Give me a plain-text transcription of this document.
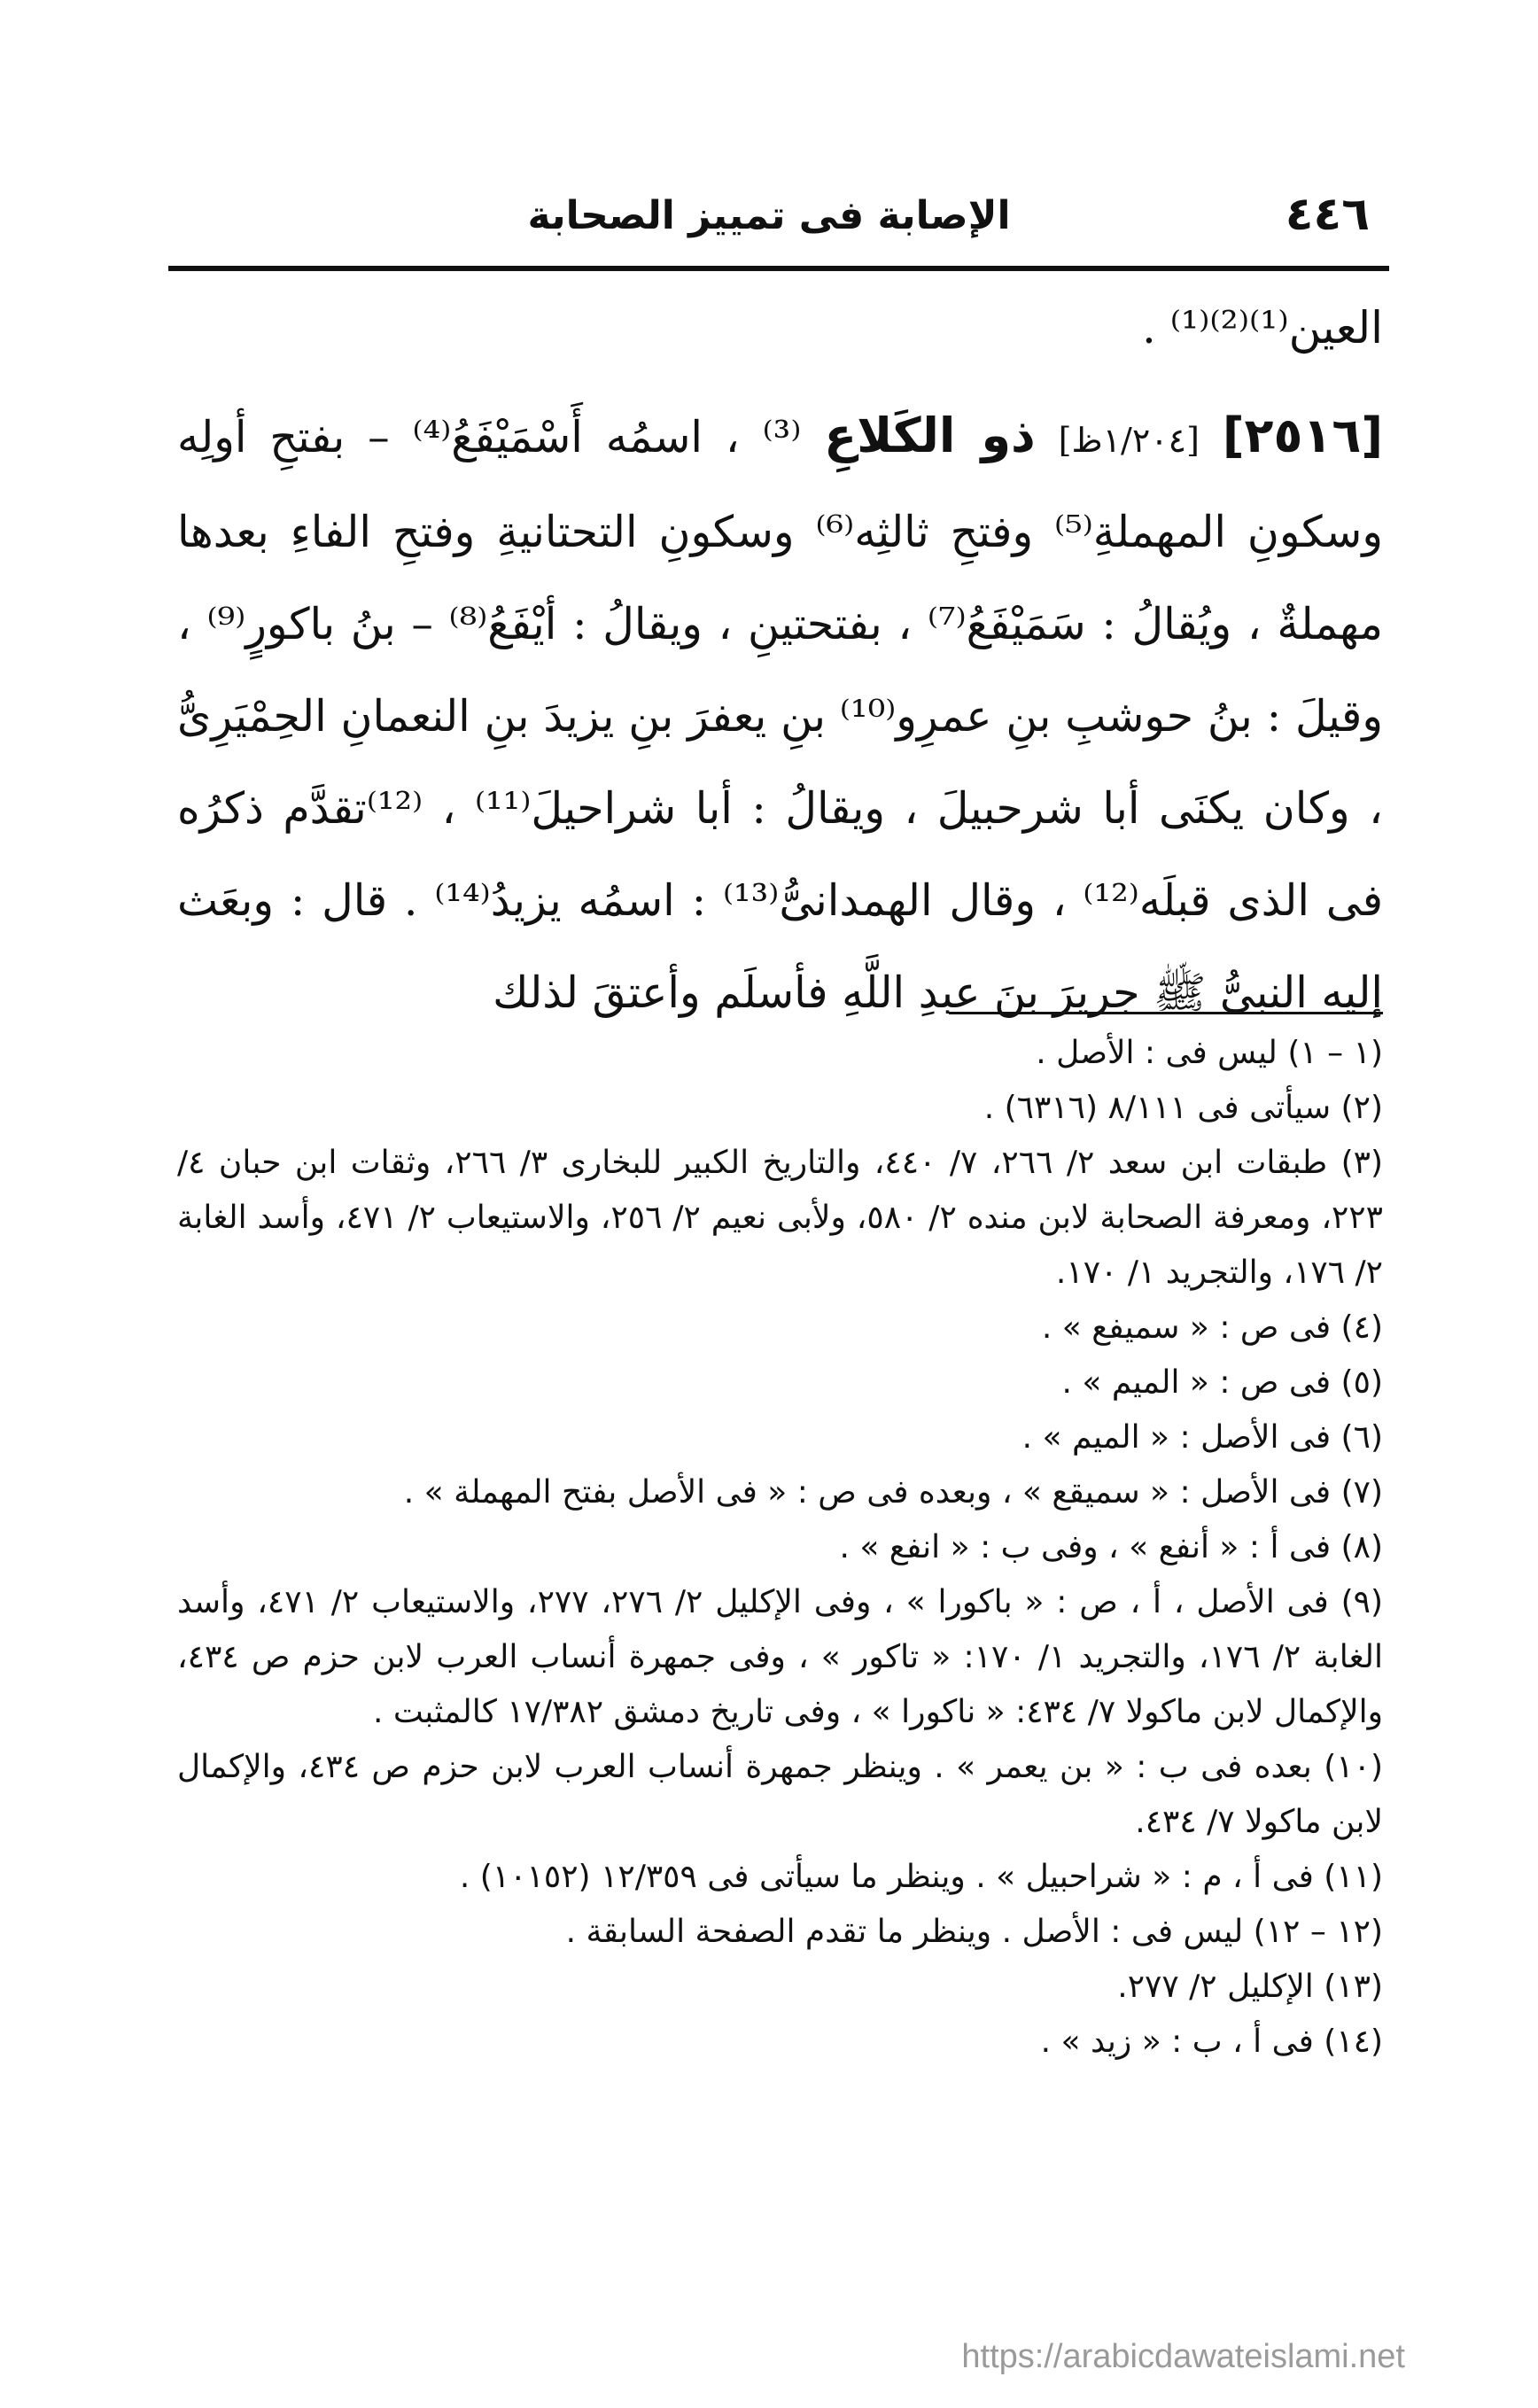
٤٤٦
الإصابة فى تمييز الصحابة
العين⁽¹⁾⁽²⁾⁽¹⁾ .
[٢٥١٦] [١/٢٠٤ظ] ذو الكَلاعِ ⁽³⁾ ، اسمُه أَسْمَيْفَعُ⁽⁴⁾ – بفتحِ أولِه وسكونِ المهملةِ⁽⁵⁾ وفتحِ ثالثِه⁽⁶⁾ وسكونِ التحتانيةِ وفتحِ الفاءِ بعدها مهملةٌ ، ويُقالُ : سَمَيْفَعُ⁽⁷⁾ ، بفتحتينِ ، ويقالُ : أيْفَعُ⁽⁸⁾ – بنُ باكورٍ⁽⁹⁾ ، وقيلَ : بنُ حوشبِ بنِ عمرِو⁽¹⁰⁾ بنِ يعفرَ بنِ يزيدَ بنِ النعمانِ الحِمْيَرِىُّ ، وكان يكنَى أبا شرحبيلَ ، ويقالُ : أبا شراحيلَ⁽¹¹⁾ ، ⁽¹²⁾تقدَّم ذكرُه فى الذى قبلَه⁽¹²⁾ ، وقال الهمدانىُّ⁽¹³⁾ : اسمُه يزيدُ⁽¹⁴⁾ . قال : وبعَث إليه النبىُّ ﷺ جريرَ بنَ عبدِ اللَّهِ فأسلَم وأعتقَ لذلك

(١ – ١) ليس فى : الأصل .

(٢) سيأتى فى ٨/١١١ (٦٣١٦) .

(٣) طبقات ابن سعد ٢/ ٢٦٦، ٧/ ٤٤٠، والتاريخ الكبير للبخارى ٣/ ٢٦٦، وثقات ابن حبان ٤/ ٢٢٣، ومعرفة الصحابة لابن منده ٢/ ٥٨٠، ولأبى نعيم ٢/ ٢٥٦، والاستيعاب ٢/ ٤٧١، وأسد الغابة ٢/ ١٧٦، والتجريد ١/ ١٧٠.

(٤) فى ص : « سميفع » .

(٥) فى ص : « الميم » .

(٦) فى الأصل : « الميم » .

(٧) فى الأصل : « سميقع » ، وبعده فى ص : « فى الأصل بفتح المهملة » .

(٨) فى أ : « أنفع » ، وفى ب : « انفع » .

(٩) فى الأصل ، أ ، ص : « باكورا » ، وفى الإكليل ٢/ ٢٧٦، ٢٧٧، والاستيعاب ٢/ ٤٧١، وأسد الغابة ٢/ ١٧٦، والتجريد ١/ ١٧٠: « تاكور » ، وفى جمهرة أنساب العرب لابن حزم ص ٤٣٤، والإكمال لابن ماكولا ٧/ ٤٣٤: « ناكورا » ، وفى تاريخ دمشق ١٧/٣٨٢ كالمثبت .

(١٠) بعده فى ب : « بن يعمر » . وينظر جمهرة أنساب العرب لابن حزم ص ٤٣٤، والإكمال لابن ماكولا ٧/ ٤٣٤.

(١١) فى أ ، م : « شراحبيل » . وينظر ما سيأتى فى ١٢/٣٥٩ (١٠١٥٢) .

(١٢ – ١٢) ليس فى : الأصل . وينظر ما تقدم الصفحة السابقة .

(١٣) الإكليل ٢/ ٢٧٧.

(١٤) فى أ ، ب : « زيد » .

https://arabicdawateislami.net
